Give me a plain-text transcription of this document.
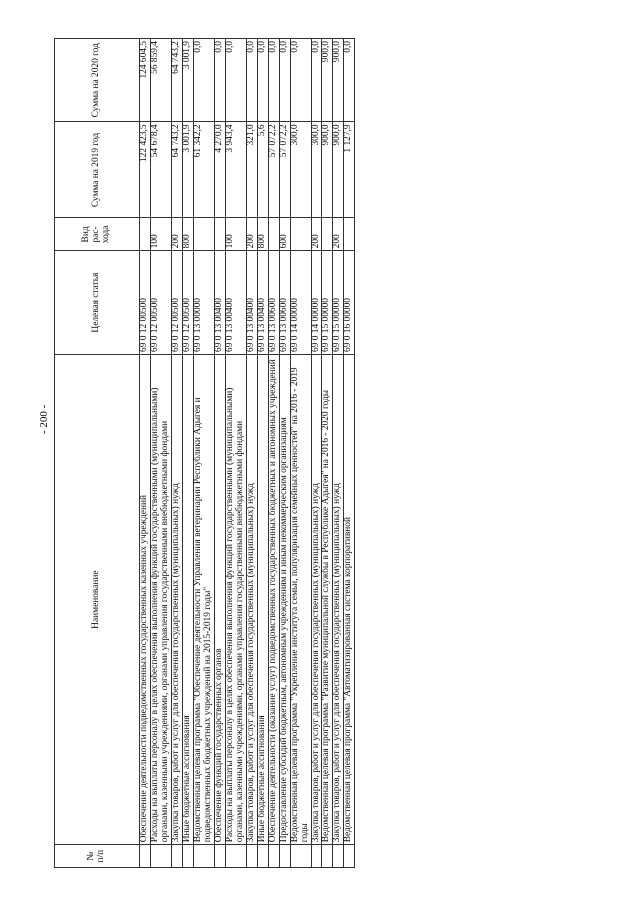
- 200 -
№ п/п	Наименование	Целевая статья	Вид рас-хода	Сумма на 2019 год	Сумма на 2020 год
	Обеспечение деятельности подведомственных государственных казенных учреждений	69 0 12 00500		122 423,5	124 604,5
	Расходы на выплаты персоналу в целях обеспечения выполнения функций государственными (муниципальными) органами, казенными учреждениями, органами управления государственными внебюджетными фондами	69 0 12 00500	100	54 678,4	56 859,4
	Закупка товаров, работ и услуг для обеспечения государственных (муниципальных) нужд	69 0 12 00500	200	64 743,2	64 743,2
	Иные бюджетные ассигнования	69 0 12 00500	800	3 001,9	3 001,9
	Ведомственная целевая программа "Обеспечение деятельности Управления ветеринарии Республики Адыгея и подведомственных бюджетных учреждений на 2015-2019 годы"	69 0 13 00000		61 342,2	0,0
	Обеспечение функций государственных органов	69 0 13 00400		4 270,0	0,0
	Расходы на выплаты персоналу в целях обеспечения выполнения функций государственными (муниципальными) органами, казенными учреждениями, органами управления государственными внебюджетными фондами	69 0 13 00400	100	3 943,4	0,0
	Закупка товаров, работ и услуг для обеспечения государственных (муниципальных) нужд	69 0 13 00400	200	321,0	0,0
	Иные бюджетные ассигнования	69 0 13 00400	800	5,6	0,0
	Обеспечение деятельности (оказание услуг) подведомственных государственных бюджетных и автономных учреждений	69 0 13 00600		57 072,2	0,0
	Предоставление субсидий бюджетным, автономным учреждениям и иным некоммерческим организациям	69 0 13 00600	600	57 072,2	0,0
	Ведомственная целевая программа "Укрепление института семьи, популяризация семейных ценностей" на 2016 - 2019 годы	69 0 14 00000		300,0	0,0
	Закупка товаров, работ и услуг для обеспечения государственных (муниципальных) нужд	69 0 14 00000	200	300,0	0,0
	Ведомственная целевая программа "Развитие муниципальной службы в Республике Адыгея" на 2016 - 2020 годы	69 0 15 00000		900,0	900,0
	Закупка товаров, работ и услуг для обеспечения государственных (муниципальных) нужд	69 0 15 00000	200	900,0	900,0
	Ведомственная целевая программа "Автоматизированная система корпоративной	69 0 16 00000		1 127,9	0,0
